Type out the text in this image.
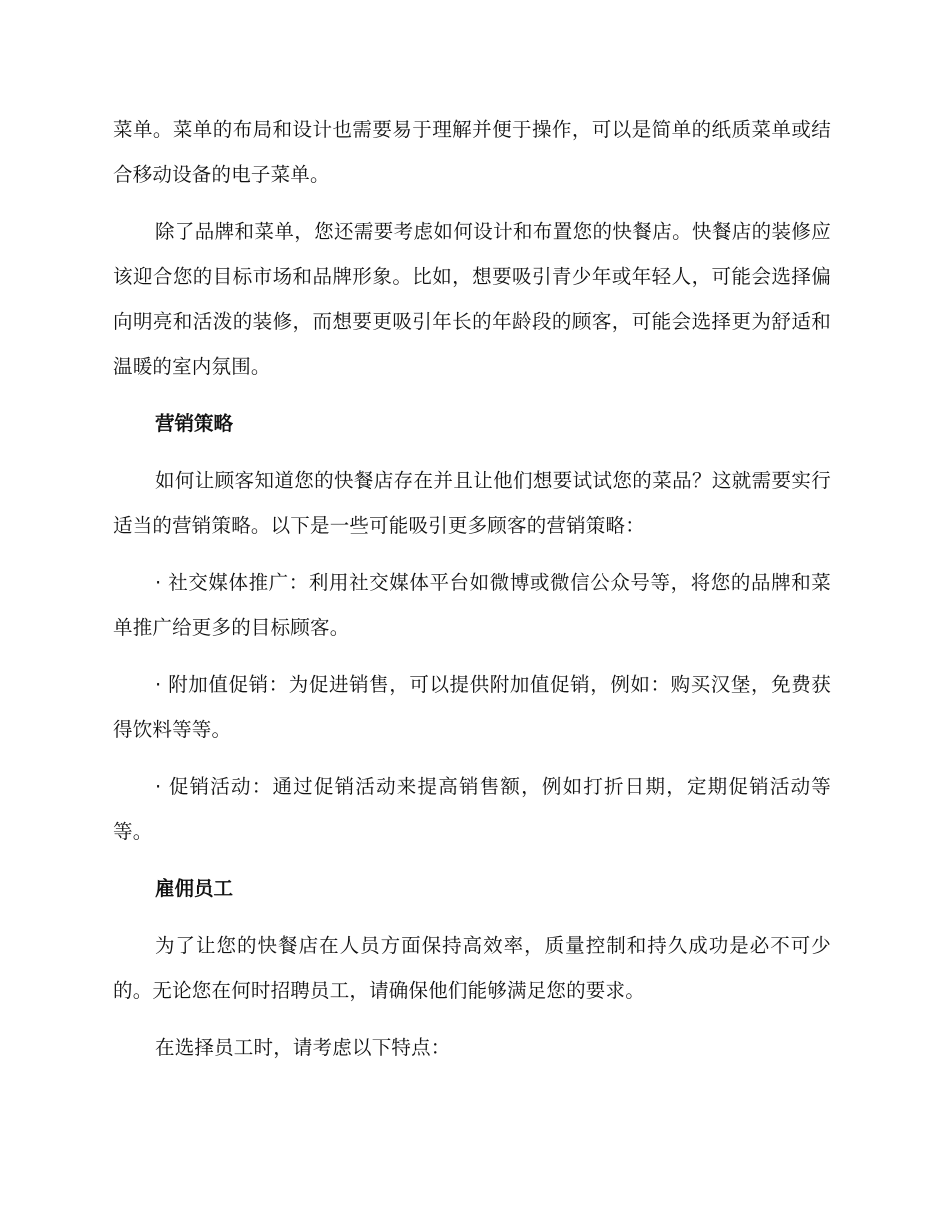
菜单。菜单的布局和设计也需要易于理解并便于操作，可以是简单的纸质菜单或结合移动设备的电子菜单。

除了品牌和菜单，您还需要考虑如何设计和布置您的快餐店。快餐店的装修应该迎合您的目标市场和品牌形象。比如，想要吸引青少年或年轻人，可能会选择偏向明亮和活泼的装修，而想要更吸引年长的年龄段的顾客，可能会选择更为舒适和温暖的室内氛围。

营销策略

如何让顾客知道您的快餐店存在并且让他们想要试试您的菜品？这就需要实行适当的营销策略。以下是一些可能吸引更多顾客的营销策略：

· 社交媒体推广：利用社交媒体平台如微博或微信公众号等，将您的品牌和菜单推广给更多的目标顾客。

· 附加值促销：为促进销售，可以提供附加值促销，例如：购买汉堡，免费获得饮料等等。

· 促销活动：通过促销活动来提高销售额，例如打折日期，定期促销活动等等。

雇佣员工

为了让您的快餐店在人员方面保持高效率，质量控制和持久成功是必不可少的。无论您在何时招聘员工，请确保他们能够满足您的要求。

在选择员工时，请考虑以下特点：
